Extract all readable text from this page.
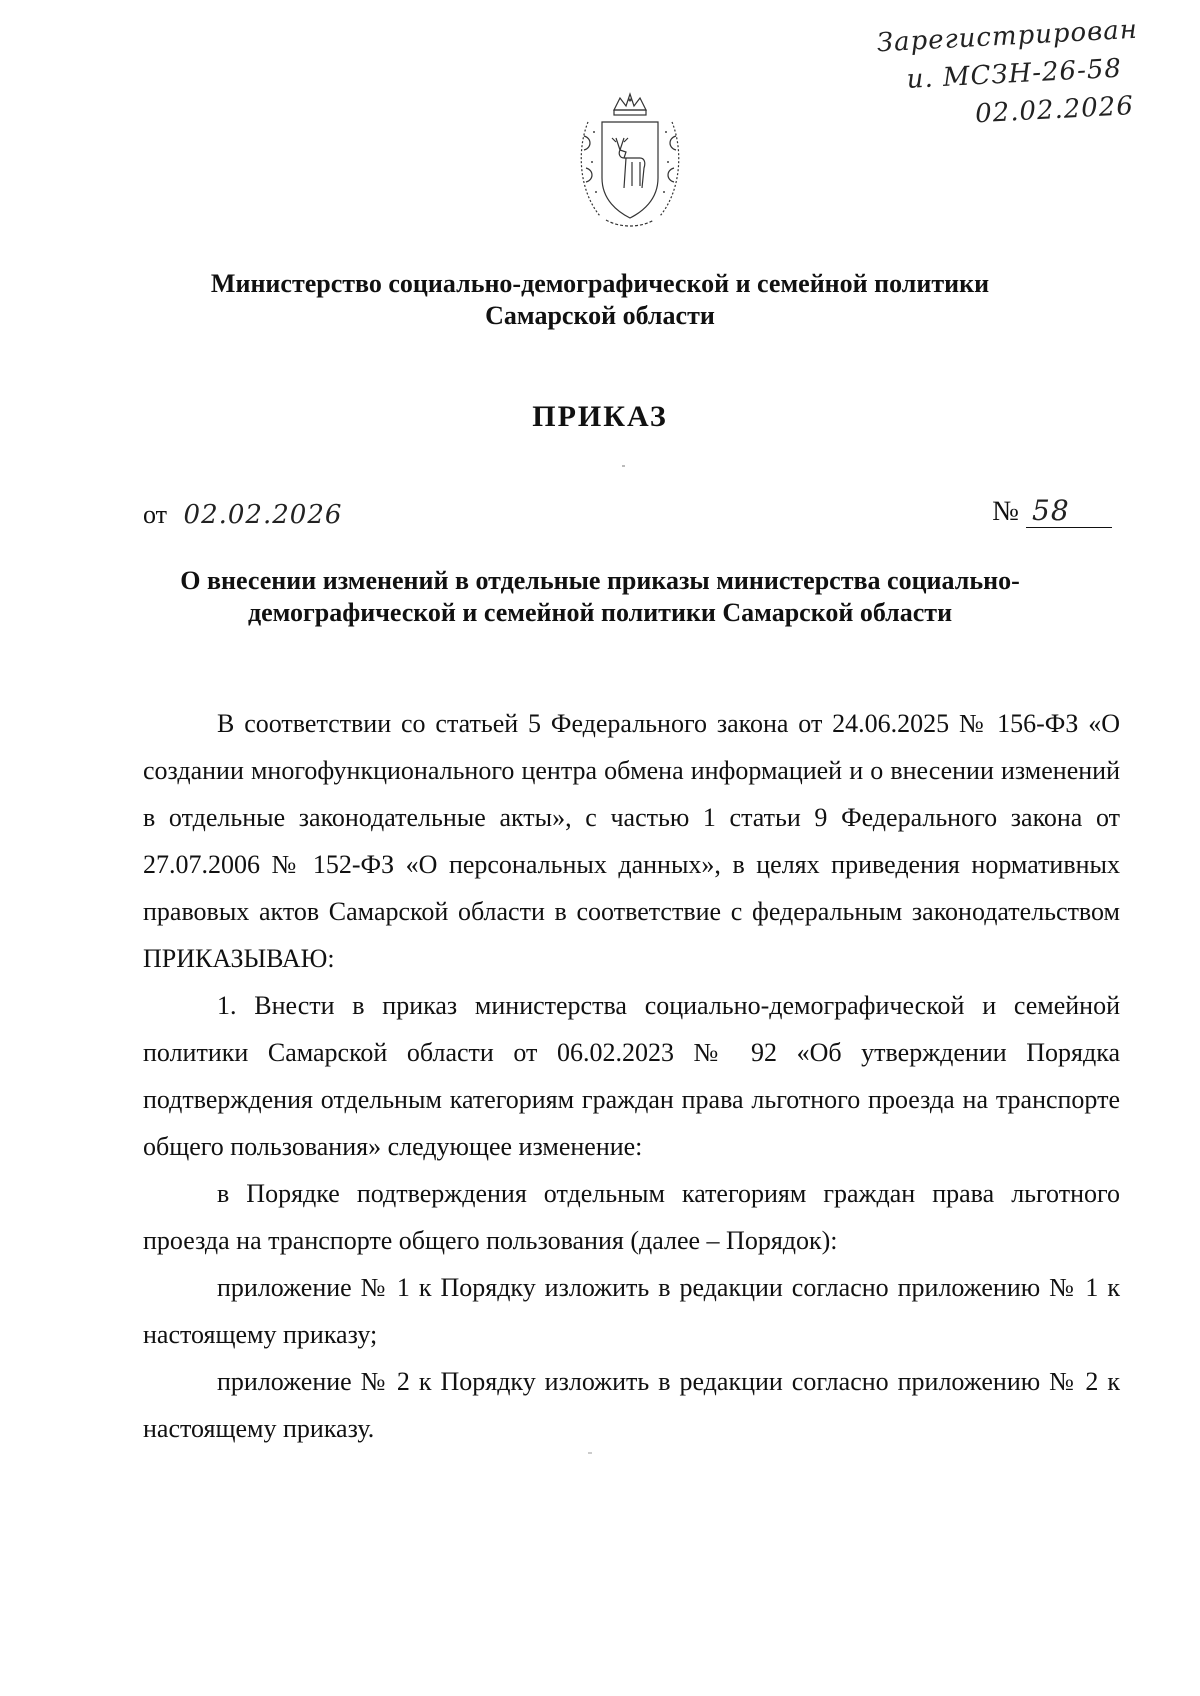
Зарегистрирован
и. МСЗН-26-58
02.02.2026
Министерство социально-демографической и семейной политики
Самарской области
ПРИКАЗ
от 02.02.2026	№ 58
О внесении изменений в отдельные приказы министерства социально-
демографической и семейной политики Самарской области

В соответствии со статьей 5 Федерального закона от 24.06.2025 № 156-ФЗ «О создании многофункционального центра обмена информацией и о внесении изменений в отдельные законодательные акты», с частью 1 статьи 9 Федерального закона от 27.07.2006 № 152-ФЗ «О персональных данных», в целях приведения нормативных правовых актов Самарской области в соответствие с федеральным законодательством ПРИКАЗЫВАЮ:

1. Внести в приказ министерства социально-демографической и семейной политики Самарской области от 06.02.2023 № 92 «Об утверждении Порядка подтверждения отдельным категориям граждан права льготного проезда на транспорте общего пользования» следующее изменение:

в Порядке подтверждения отдельным категориям граждан права льготного проезда на транспорте общего пользования (далее – Порядок):

приложение № 1 к Порядку изложить в редакции согласно приложению № 1 к настоящему приказу;

приложение № 2 к Порядку изложить в редакции согласно приложению № 2 к настоящему приказу.
